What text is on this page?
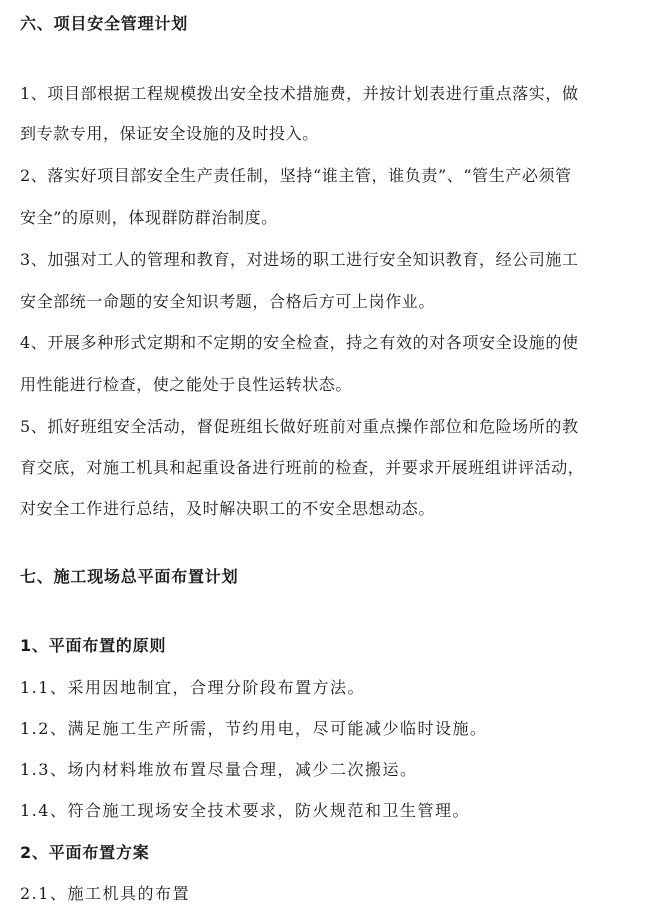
六、项目安全管理计划
1、项目部根据工程规模拨出安全技术措施费，并按计划表进行重点落实，做
到专款专用，保证安全设施的及时投入。
2、落实好项目部安全生产责任制，坚持“谁主管，谁负责”、“管生产必须管
安全”的原则，体现群防群治制度。
3、加强对工人的管理和教育，对进场的职工进行安全知识教育，经公司施工
安全部统一命题的安全知识考题，合格后方可上岗作业。
4、开展多种形式定期和不定期的安全检查，持之有效的对各项安全设施的使
用性能进行检查，使之能处于良性运转状态。
5、抓好班组安全活动，督促班组长做好班前对重点操作部位和危险场所的教
育交底，对施工机具和起重设备进行班前的检查，并要求开展班组讲评活动，
对安全工作进行总结，及时解决职工的不安全思想动态。
七、施工现场总平面布置计划
1、平面布置的原则
1.1、采用因地制宜，合理分阶段布置方法。
1.2、满足施工生产所需，节约用电，尽可能减少临时设施。
1.3、场内材料堆放布置尽量合理，减少二次搬运。
1.4、符合施工现场安全技术要求，防火规范和卫生管理。
2、平面布置方案
2.1、施工机具的布置
